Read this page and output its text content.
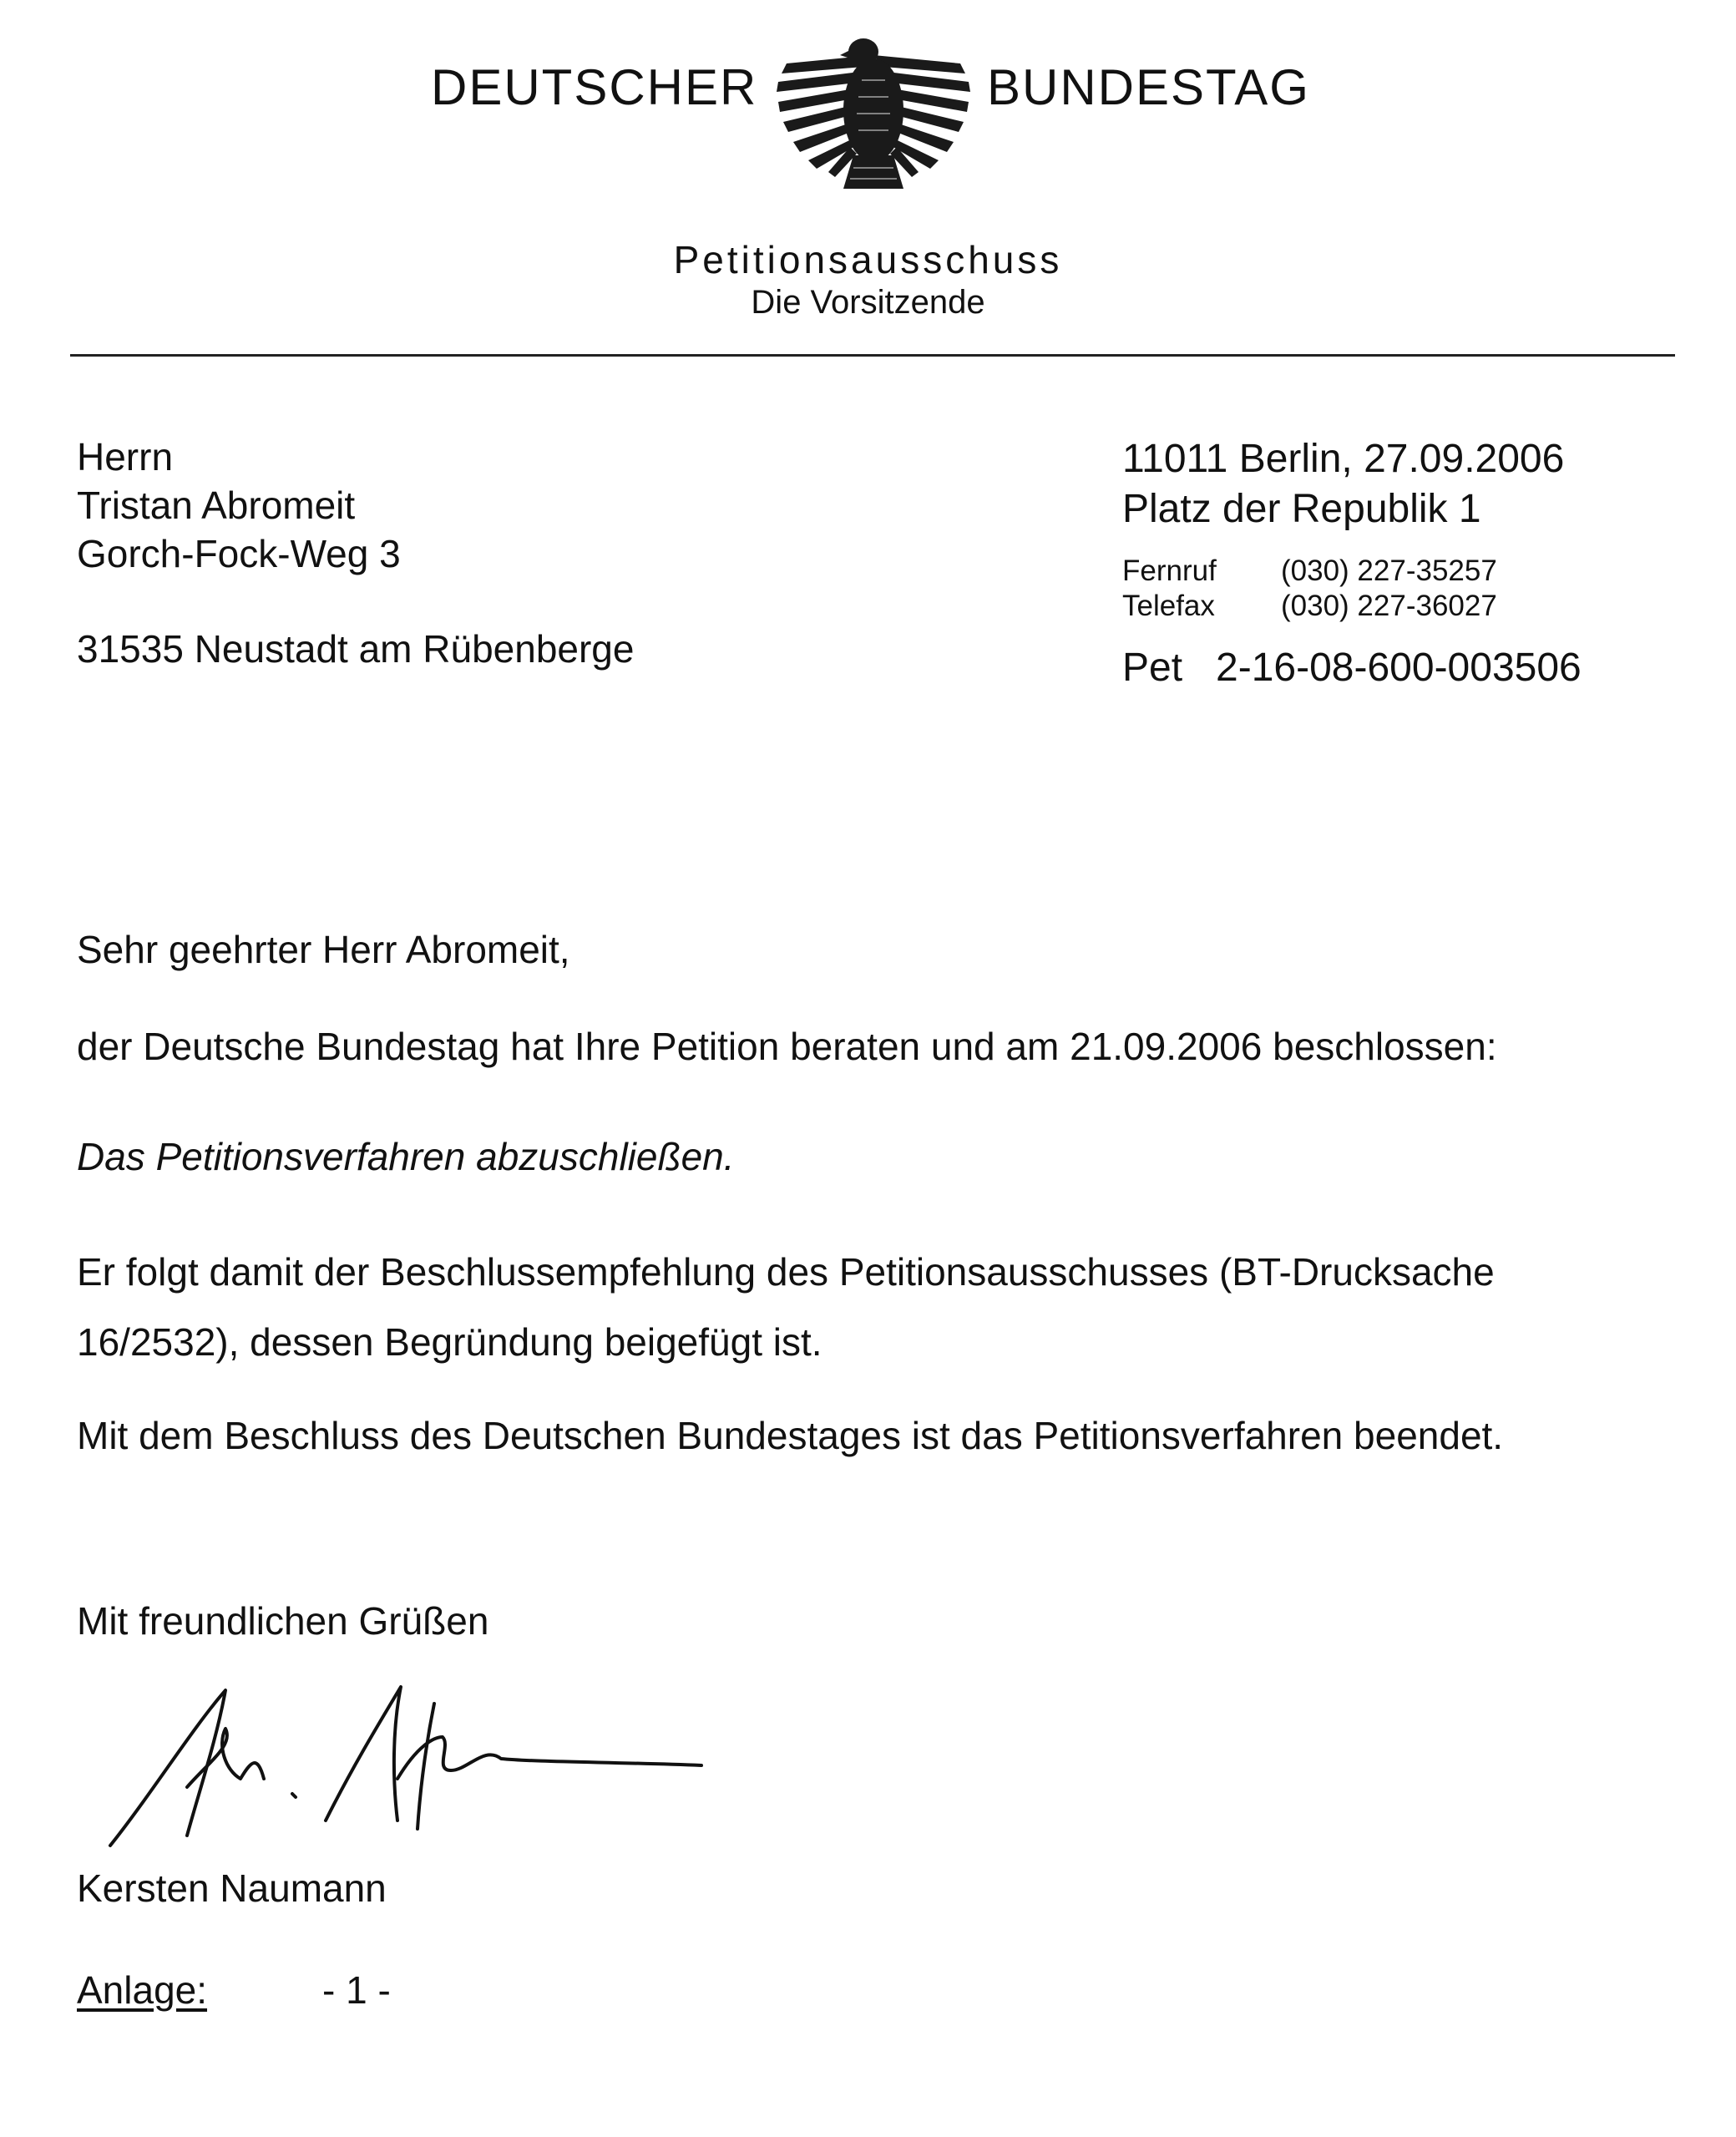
DEUTSCHER	BUNDESTAG
Petitionsausschuss
Die Vorsitzende
Herrn
Tristan Abromeit
Gorch-Fock-Weg 3
31535 Neustadt am Rübenberge
11011 Berlin, 27.09.2006
Platz der Republik 1
Fernruf (030) 227-35257
Telefax (030) 227-36027
Pet   2-16-08-600-003506
Sehr geehrter Herr Abromeit,
der Deutsche Bundestag hat Ihre Petition beraten und am 21.09.2006 beschlossen:
Das Petitionsverfahren abzuschließen.
Er folgt damit der Beschlussempfehlung des Petitionsausschusses (BT-Drucksache
16/2532), dessen Begründung beigefügt ist.
Mit dem Beschluss des Deutschen Bundestages ist das Petitionsverfahren beendet.
Mit freundlichen Grüßen
Kersten Naumann
Anlage:	- 1 -
